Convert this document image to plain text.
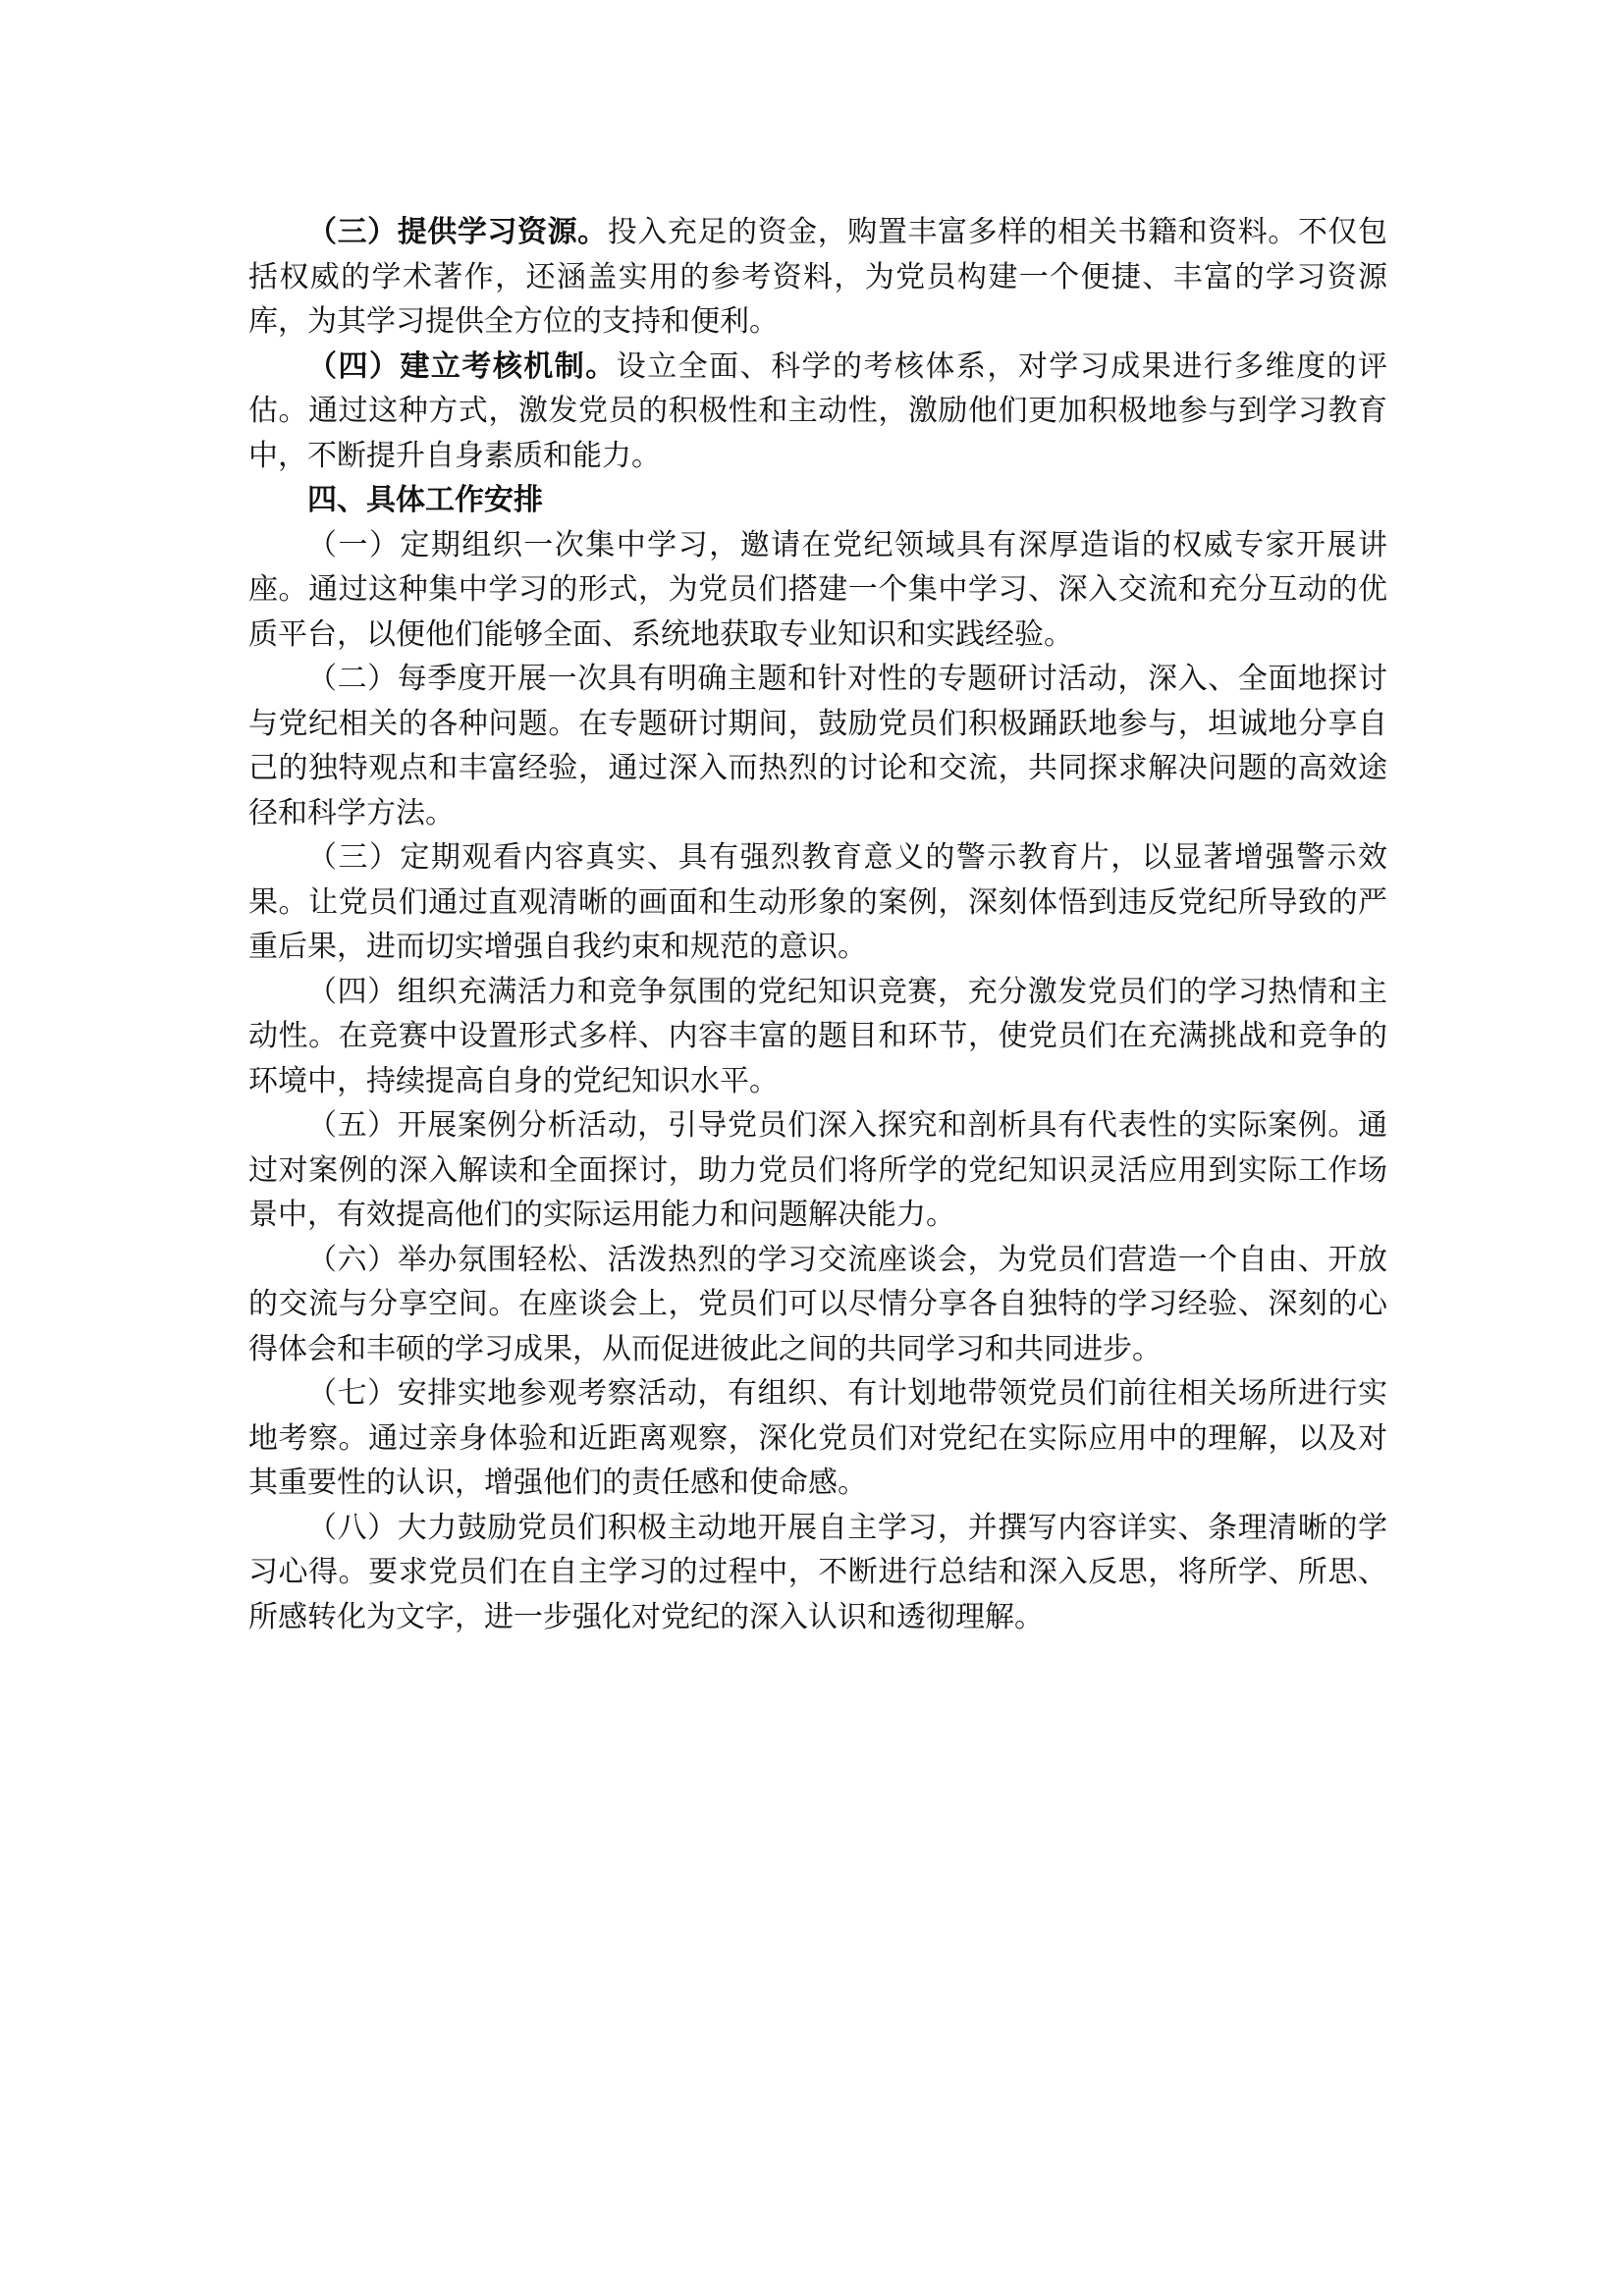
（三）提供学习资源。投入充足的资金，购置丰富多样的相关书籍和资料。不仅包括权威的学术著作，还涵盖实用的参考资料，为党员构建一个便捷、丰富的学习资源库，为其学习提供全方位的支持和便利。

（四）建立考核机制。设立全面、科学的考核体系，对学习成果进行多维度的评估。通过这种方式，激发党员的积极性和主动性，激励他们更加积极地参与到学习教育中，不断提升自身素质和能力。

四、具体工作安排

（一）定期组织一次集中学习，邀请在党纪领域具有深厚造诣的权威专家开展讲座。通过这种集中学习的形式，为党员们搭建一个集中学习、深入交流和充分互动的优质平台，以便他们能够全面、系统地获取专业知识和实践经验。

（二）每季度开展一次具有明确主题和针对性的专题研讨活动，深入、全面地探讨与党纪相关的各种问题。在专题研讨期间，鼓励党员们积极踊跃地参与，坦诚地分享自己的独特观点和丰富经验，通过深入而热烈的讨论和交流，共同探求解决问题的高效途径和科学方法。

（三）定期观看内容真实、具有强烈教育意义的警示教育片，以显著增强警示效果。让党员们通过直观清晰的画面和生动形象的案例，深刻体悟到违反党纪所导致的严重后果，进而切实增强自我约束和规范的意识。

（四）组织充满活力和竞争氛围的党纪知识竞赛，充分激发党员们的学习热情和主动性。在竞赛中设置形式多样、内容丰富的题目和环节，使党员们在充满挑战和竞争的环境中，持续提高自身的党纪知识水平。

（五）开展案例分析活动，引导党员们深入探究和剖析具有代表性的实际案例。通过对案例的深入解读和全面探讨，助力党员们将所学的党纪知识灵活应用到实际工作场景中，有效提高他们的实际运用能力和问题解决能力。

（六）举办氛围轻松、活泼热烈的学习交流座谈会，为党员们营造一个自由、开放的交流与分享空间。在座谈会上，党员们可以尽情分享各自独特的学习经验、深刻的心得体会和丰硕的学习成果，从而促进彼此之间的共同学习和共同进步。

（七）安排实地参观考察活动，有组织、有计划地带领党员们前往相关场所进行实地考察。通过亲身体验和近距离观察，深化党员们对党纪在实际应用中的理解，以及对其重要性的认识，增强他们的责任感和使命感。

（八）大力鼓励党员们积极主动地开展自主学习，并撰写内容详实、条理清晰的学习心得。要求党员们在自主学习的过程中，不断进行总结和深入反思，将所学、所思、所感转化为文字，进一步强化对党纪的深入认识和透彻理解。
